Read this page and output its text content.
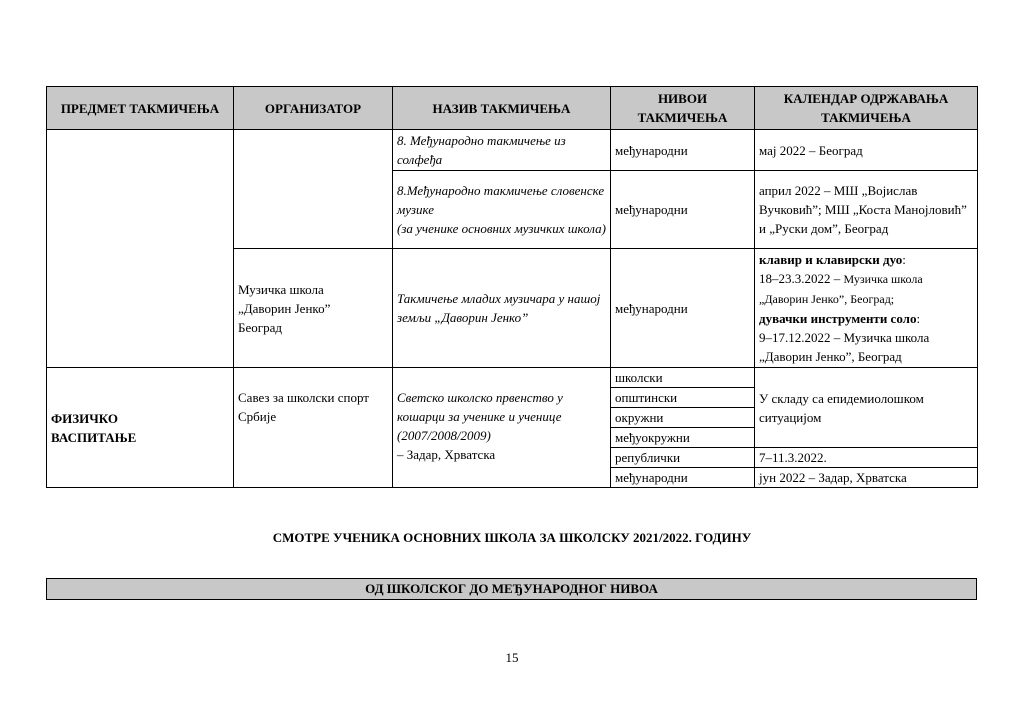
ПРЕДМЕТ ТАКМИЧЕЊА	ОРГАНИЗАТОР	НАЗИВ ТАКМИЧЕЊА	НИВОИ ТАКМИЧЕЊА	КАЛЕНДАР ОДРЖАВАЊА ТАКМИЧЕЊА
		8. Међународно такмичење из солфеђа	међународни	мај 2022 – Београд
		8.Међународно такмичење словенске музике
(за ученике основних музичких школа)	међународни	април 2022 – МШ „Војислав Вучковић”; МШ „Коста Манојловић” и „Руски дом”, Београд
	Музичка школа
„Даворин Јенко”
Београд	Такмичење младих музичара у нашој земљи „Даворин Јенко”	међународни	клавир и клавирски дуо:
18–23.3.2022 – Музичка школа „Даворин Јенко”, Београд;
дувачки инструменти соло:
9–17.12.2022 – Музичка школа „Даворин Јенко”, Београд
ФИЗИЧКО
ВАСПИТАЊЕ	Савез за школски спорт Србије	Светско школско првенство у кошарци за ученике и ученице (2007/2008/2009)
– Задар, Хрватска	школски	У складу са епидемиолошком ситуацијом
			општински	
			окружни	
			међуокружни	
			републички	7–11.3.2022.
			међународни	јун 2022 – Задар, Хрватска
СМОТРЕ УЧЕНИКА ОСНОВНИХ ШКОЛА ЗА ШКОЛСКУ 2021/2022. ГОДИНУ
ОД ШКОЛСКОГ ДО МЕЂУНАРОДНОГ НИВОА
15
